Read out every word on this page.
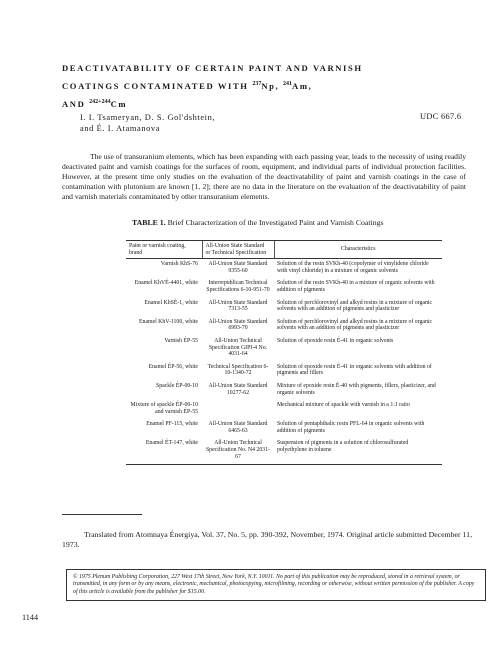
DEACTIVATABILITY OF CERTAIN PAINT AND VARNISH
COATINGS CONTAMINATED WITH $^{237}$Np, $^{241}$Am,
AND $^{242+244}$Cm
I. I. Tsameryan, D. S. Gol'dshtein,
and É. I. Atamanova
UDC 667.6
The use of transuranium elements, which has been expanding with each passing year, leads to the necessity of using readily deactivated paint and varnish coatings for the surfaces of room, equipment, and individual parts of individual protection facilities. However, at the present time only studies on the evaluation of the deactivatability of paint and varnish coatings in the case of contamination with plutonium are known [1, 2]; there are no data in the literature on the evaluation of the deactivatability of paint and varnish materials contaminated by other transuranium elements.
TABLE 1. Brief Characterization of the Investigated Paint and Varnish Coatings
Paint or varnish coating, brand	All-Union State Standard or Technical Specification	Characteristics
Varnish KhS-76	All-Union State Standard 9355-60	Solution of the resin SVKh-40 (copolymer of vinylidene chloride with vinyl chloride) in a mixture of organic solvents
Enamel KhVÉ-4401, white	Interrepublican Technical Specifications 6-10-951-70	Solution of the resin SVKh-40 in a mixture of organic solvents with addition of pigments
Enamel KhSÉ-1, white	All-Union State Standard 7313-55	Solution of perchlorovinyl and alkyd resins in a mixture of organic solvents with an addition of pigments and plasticizer
Enamel KhV-1100, white	All-Union State Standard 6993-70	Solution of perchlorovinyl and alkyd resins in a mixture of organic solvents with an addition of pigments and plasticizer
Varnish ÉP-55	All-Union Technical Specification GIPI-4 No. 4031-64	Solution of epoxide resin É-41 in organic solvents
Enamel ÉP-56, white	Technical Specification 6-10-1340-72	Solution of epoxide resin É-41 in organic solvents with addition of pigments and fillers
Spackle ÉP-00-10	All-Union State Standard 10277-62	Mixture of epoxide resin É-40 with pigments, fillers, plasticizer, and organic solvents
Mixture of spackle ÉP-00-10 and varnish ÉP-55		Mechanical mixture of spackle with varnish in a 1:1 ratio
Enamel PF-115, white	All-Union State Standard 6465-63	Solution of pentaphthalic resin PFL-64 in organic solvents with addition of pigments
Enamel ÉT-147, white	All-Union Technical Specification No. N4 2031-67	Suspension of pigments in a solution of chlorosulfurated polyethylene in toluene
Translated from Atomnaya Énergiya, Vol. 37, No. 5, pp. 390-392, November, 1974. Original article submitted December 11, 1973.
© 1975 Plenum Publishing Corporation, 227 West 17th Street, New York, N.Y. 10011. No part of this publication may be reproduced, stored in a retrieval system, or transmitted, in any form or by any means, electronic, mechanical, photocopying, microfilming, recording or otherwise, without written permission of the publisher. A copy of this article is available from the publisher for $15.00.
1144
